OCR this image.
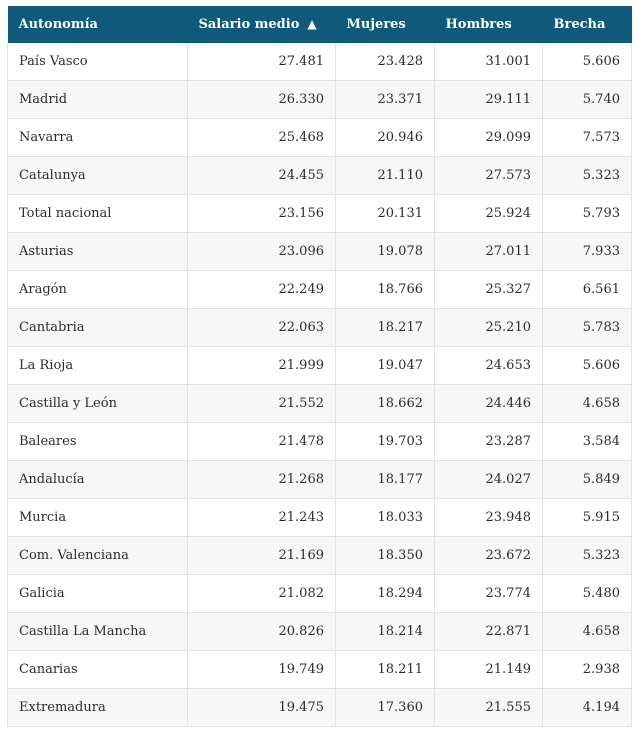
Autonomía	Salario medio ▲	Mujeres	Hombres	Brecha
País Vasco	27.481	23.428	31.001	5.606
Madrid	26.330	23.371	29.111	5.740
Navarra	25.468	20.946	29.099	7.573
Catalunya	24.455	21.110	27.573	5.323
Total nacional	23.156	20.131	25.924	5.793
Asturias	23.096	19.078	27.011	7.933
Aragón	22.249	18.766	25.327	6.561
Cantabria	22.063	18.217	25.210	5.783
La Rioja	21.999	19.047	24.653	5.606
Castilla y León	21.552	18.662	24.446	4.658
Baleares	21.478	19.703	23.287	3.584
Andalucía	21.268	18.177	24.027	5.849
Murcia	21.243	18.033	23.948	5.915
Com. Valenciana	21.169	18.350	23.672	5.323
Galicia	21.082	18.294	23.774	5.480
Castilla La Mancha	20.826	18.214	22.871	4.658
Canarias	19.749	18.211	21.149	2.938
Extremadura	19.475	17.360	21.555	4.194
